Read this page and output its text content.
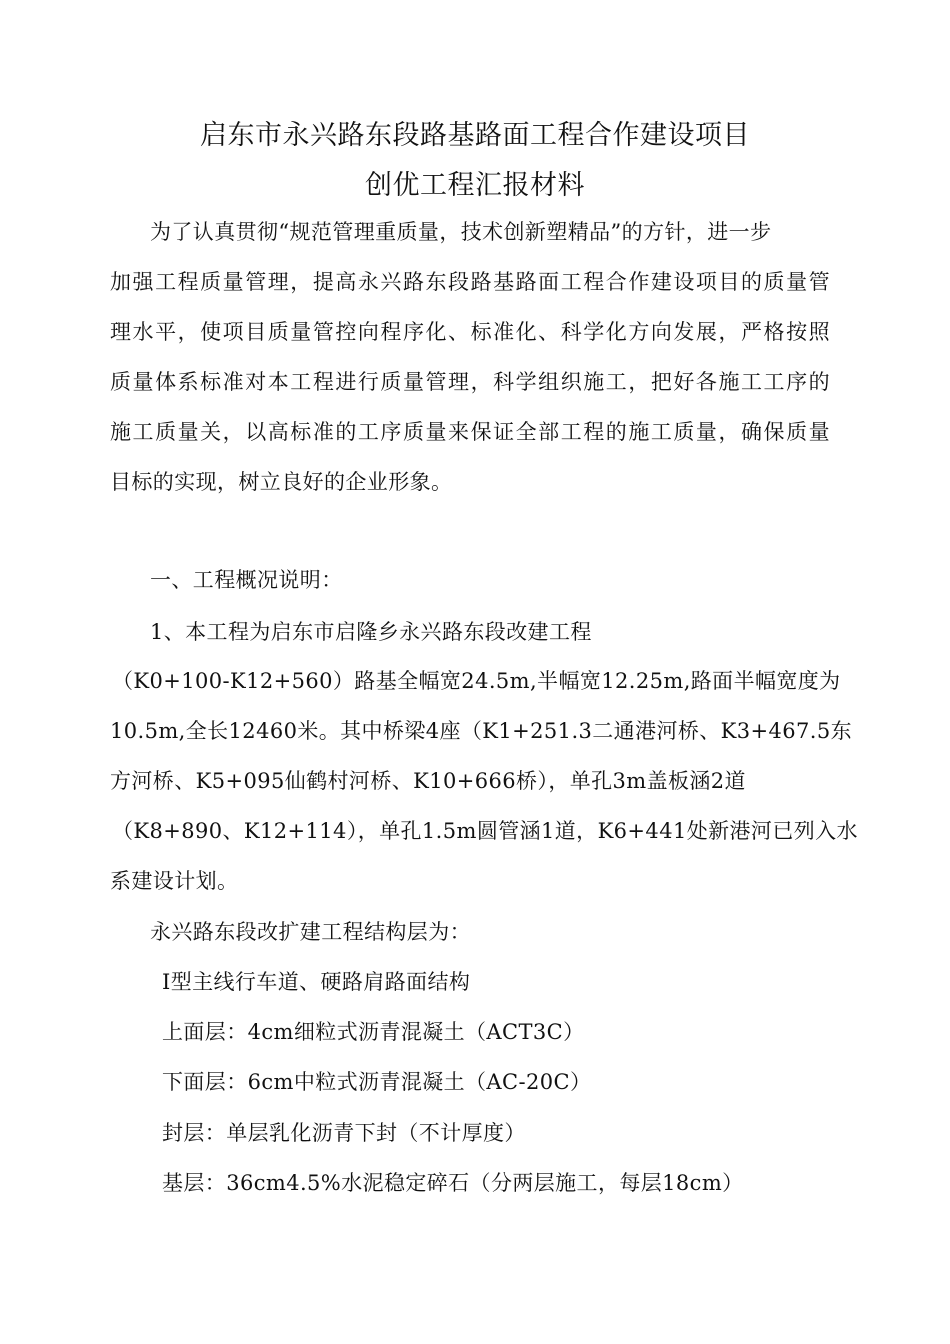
启东市永兴路东段路基路面工程合作建设项目
创优工程汇报材料
为了认真贯彻“规范管理重质量，技术创新塑精品”的方针，进一步
加强工程质量管理，提高永兴路东段路基路面工程合作建设项目的质量管
理水平，使项目质量管控向程序化、标准化、科学化方向发展，严格按照
质量体系标准对本工程进行质量管理，科学组织施工，把好各施工工序的
施工质量关，以高标准的工序质量来保证全部工程的施工质量，确保质量
目标的实现，树立良好的企业形象。
一、工程概况说明：
1、本工程为启东市启隆乡永兴路东段改建工程
（K0+100-K12+560）路基全幅宽24.5m,半幅宽12.25m,路面半幅宽度为
10.5m,全长12460米。其中桥梁4座（K1+251.3二通港河桥、K3+467.5东
方河桥、K5+095仙鹤村河桥、K10+666桥），单孔3m盖板涵2道
（K8+890、K12+114），单孔1.5m圆管涵1道，K6+441处新港河已列入水
系建设计划。
永兴路东段改扩建工程结构层为：
Ⅰ型主线行车道、硬路肩路面结构
上面层：4cm细粒式沥青混凝土（ACT3C）
下面层：6cm中粒式沥青混凝土（AC-20C）
封层：单层乳化沥青下封（不计厚度）
基层：36cm4.5%水泥稳定碎石（分两层施工，每层18cm）
